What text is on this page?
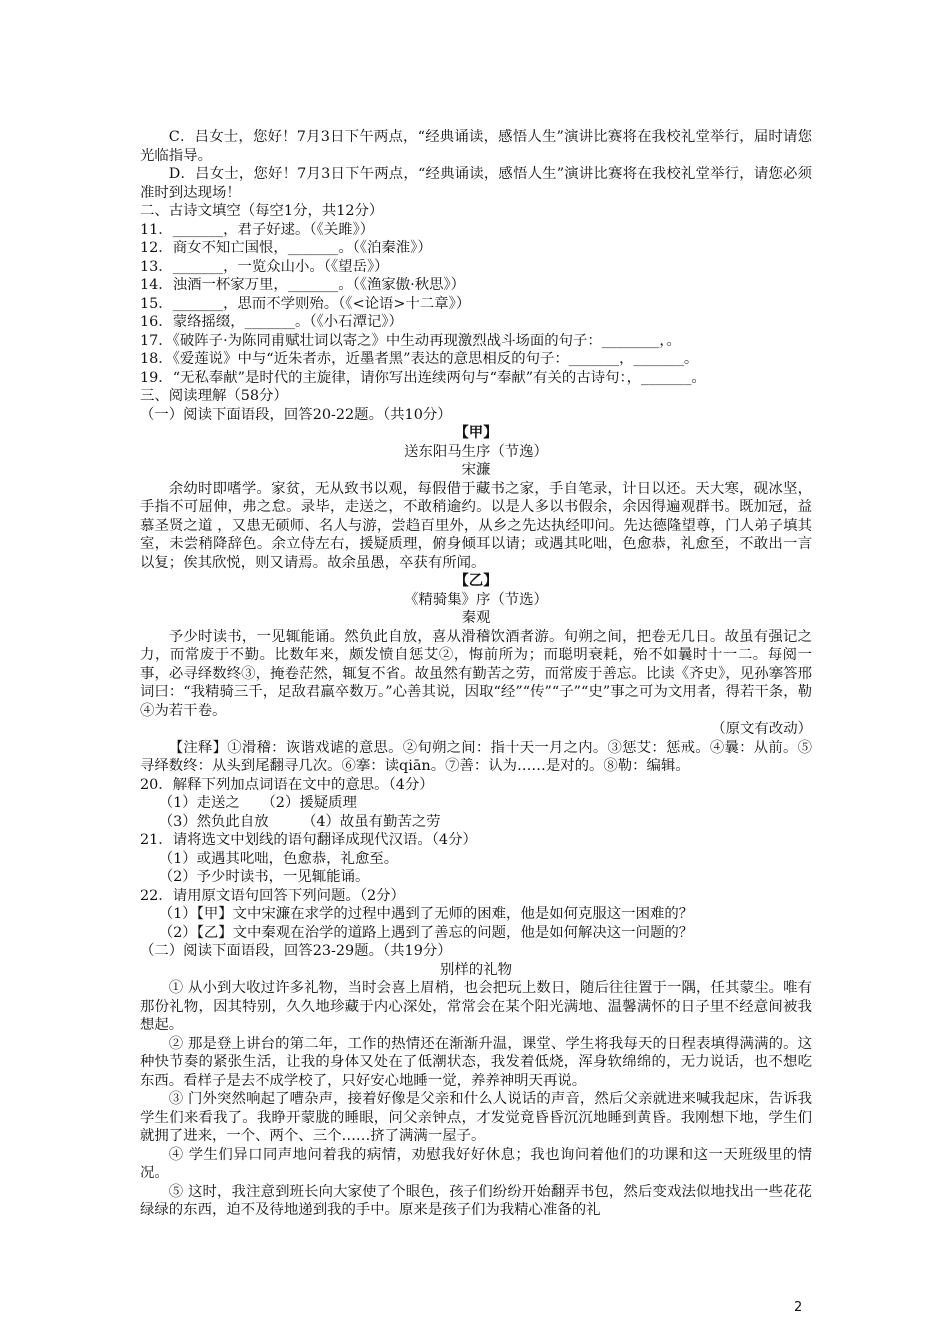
C．吕女士，您好！7月3日下午两点，“经典诵读，感悟人生”演讲比赛将在我校礼堂举行，届时请您光临指导。

D．吕女士，您好！7月3日下午两点，“经典诵读，感悟人生”演讲比赛将在我校礼堂举行，请您必须准时到达现场！

二、古诗文填空（每空1分，共12分）

11．_______，君子好逑。（《关雎》）

12．商女不知亡国恨，_______。（《泊秦淮》）

13．_______，一览众山小。（《望岳》）

14．浊酒一杯家万里，_______。（《渔家傲·秋思》）

15．_______，思而不学则殆。（《<论语>十二章》）

16．蒙络摇缀，_______。（《小石潭记》）

17．《破阵子·为陈同甫赋壮词以寄之》中生动再现激烈战斗场面的句子：________，。

18．《爱莲说》中与“近朱者赤，近墨者黑”表达的意思相反的句子：_______，_______。

19．“无私奉献”是时代的主旋律，请你写出连续两句与“奉献”有关的古诗句：，_______。

三、阅读理解（58分）

（一）阅读下面语段，回答20-22题。（共10分）

【甲】

送东阳马生序（节逸）

宋濂

余幼时即嗜学。家贫，无从致书以观，每假借于藏书之家，手自笔录，计日以还。天大寒，砚冰坚，手指不可屈伸，弗之怠。录毕，走送之，不敢稍逾约。以是人多以书假余，余因得遍观群书。既加冠，益慕圣贤之道 ，又患无硕师、名人与游，尝趋百里外，从乡之先达执经叩问。先达德隆望尊，门人弟子填其室，未尝稍降辞色。余立侍左右，援疑质理，俯身倾耳以请；或遇其叱咄，色愈恭，礼愈至，不敢出一言以复；俟其欣悦，则又请焉。故余虽愚，卒获有所闻。

【乙】

《精骑集》序（节选）

秦观

予少时读书，一见辄能诵。然负此自放，喜从滑稽饮酒者游。旬朔之间，把卷无几日。故虽有强记之力，而常废于不勤。比数年来，颇发愤自惩艾②，悔前所为；而聪明衰耗，殆不如曩时十一二。每阅一事，必寻绎数终③，掩卷茫然，辄复不省。故虽然有勤苦之劳，而常废于善忘。比读《齐史》，见孙搴答邢词曰：“我精骑三千，足敌君羸卒数万。”心善其说，因取“经”“传”“子”“史”事之可为文用者，得若干条，勒④为若干卷。

（原文有改动）

【注释】①滑稽：诙谐戏谑的意思。②旬朔之间：指十天一月之内。③惩艾：惩戒。④曩：从前。⑤寻绎数终：从头到尾翻寻几次。⑥搴：读qiān。⑦善：认为……是对的。⑧勒：编辑。

20．解释下列加点词语在文中的意思。（4分）

（1）走送之　　（2）援疑质理

（3）然负此自放　　 （4）故虽有勤苦之劳

21．请将选文中划线的语句翻译成现代汉语。（4分）

（1）或遇其叱咄，色愈恭，礼愈至。

（2）予少时读书，一见辄能诵。

22．请用原文语句回答下列问题。（2分）

（1）【甲】文中宋濂在求学的过程中遇到了无师的困难，他是如何克服这一困难的？

（2）【乙】文中秦观在治学的道路上遇到了善忘的问题，他是如何解决这一问题的？

（二）阅读下面语段，回答23-29题。（共19分）

别样的礼物

① 从小到大收过许多礼物，当时会喜上眉梢，也会把玩上数日，随后往往置于一隅，任其蒙尘。唯有那份礼物，因其特别，久久地珍藏于内心深处，常常会在某个阳光满地、温馨满怀的日子里不经意间被我想起。

② 那是登上讲台的第二年，工作的热情还在渐渐升温，课堂、学生将我每天的日程表填得满满的。这种快节奏的紧张生活，让我的身体又处在了低潮状态，我发着低烧，浑身软绵绵的，无力说话，也不想吃东西。看样子是去不成学校了，只好安心地睡一觉，养养神明天再说。

③ 门外突然响起了嘈杂声，接着好像是父亲和什么人说话的声音，然后父亲就进来喊我起床，告诉我学生们来看我了。我睁开蒙胧的睡眼，问父亲钟点，才发觉竟昏昏沉沉地睡到黄昏。我刚想下地，学生们就拥了进来，一个、两个、三个……挤了满满一屋子。

④ 学生们异口同声地问着我的病情，劝慰我好好休息；我也询问着他们的功课和这一天班级里的情况。

⑤ 这时，我注意到班长向大家使了个眼色，孩子们纷纷开始翻弄书包，然后变戏法似地找出一些花花绿绿的东西，迫不及待地递到我的手中。原来是孩子们为我精心准备的礼

2
